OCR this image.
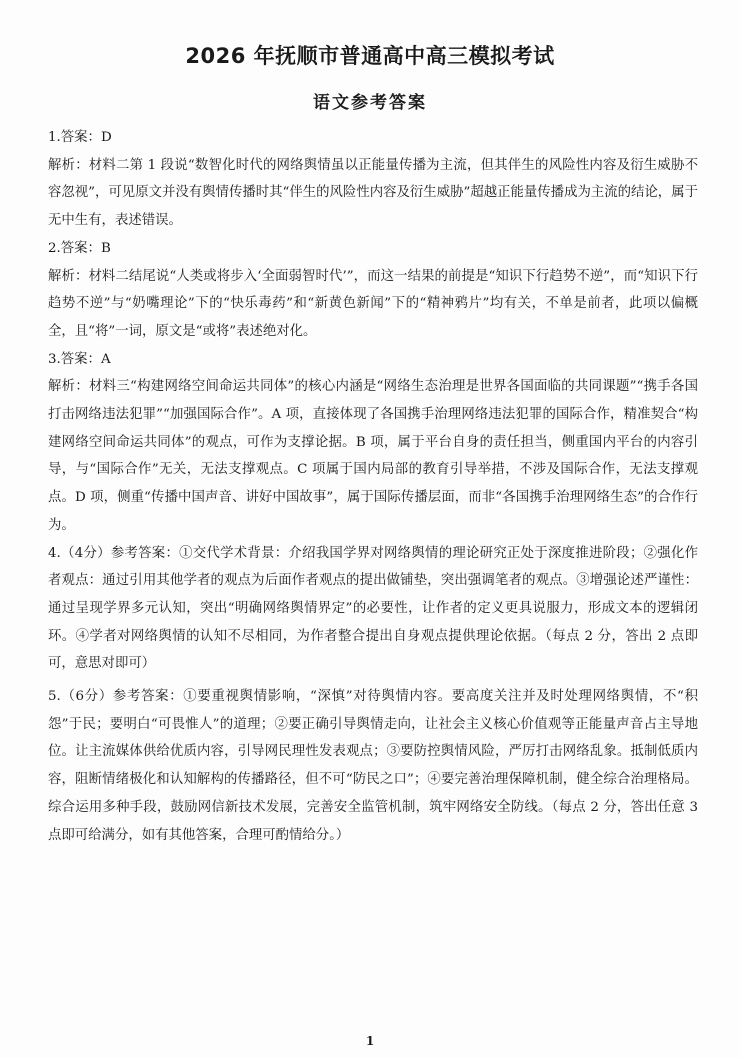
2026 年抚顺市普通高中高三模拟考试
语文参考答案

1.答案：D

解析：材料二第 1 段说“数智化时代的网络舆情虽以正能量传播为主流，但其伴生的风险性内容及衍生威胁不容忽视”，可见原文并没有舆情传播时其“伴生的风险性内容及衍生威胁”超越正能量传播成为主流的结论，属于无中生有，表述错误。

2.答案：B

解析：材料二结尾说“人类或将步入‘全面弱智时代’”，而这一结果的前提是“知识下行趋势不逆”，而“知识下行趋势不逆”与“奶嘴理论”下的“快乐毒药”和“新黄色新闻”下的“精神鸦片”均有关，不单是前者，此项以偏概全，且“将”一词，原文是“或将”表述绝对化。

3.答案：A

解析：材料三“构建网络空间命运共同体”的核心内涵是“网络生态治理是世界各国面临的共同课题”“携手各国打击网络违法犯罪”“加强国际合作”。A 项，直接体现了各国携手治理网络违法犯罪的国际合作，精准契合“构建网络空间命运共同体”的观点，可作为支撑论据。B 项，属于平台自身的责任担当，侧重国内平台的内容引导，与“国际合作”无关，无法支撑观点。C 项属于国内局部的教育引导举措，不涉及国际合作，无法支撑观点。D 项，侧重“传播中国声音、讲好中国故事”，属于国际传播层面，而非“各国携手治理网络生态”的合作行为。

4.（4分）参考答案：①交代学术背景：介绍我国学界对网络舆情的理论研究正处于深度推进阶段；②强化作者观点：通过引用其他学者的观点为后面作者观点的提出做铺垫，突出强调笔者的观点。③增强论述严谨性：通过呈现学界多元认知，突出“明确网络舆情界定”的必要性，让作者的定义更具说服力，形成文本的逻辑闭环。④学者对网络舆情的认知不尽相同，为作者整合提出自身观点提供理论依据。（每点 2 分，答出 2 点即可，意思对即可）

5.（6分）参考答案：①要重视舆情影响，“深慎”对待舆情内容。要高度关注并及时处理网络舆情，不“积怨”于民；要明白“可畏惟人”的道理；②要正确引导舆情走向，让社会主义核心价值观等正能量声音占主导地位。让主流媒体供给优质内容，引导网民理性发表观点；③要防控舆情风险，严厉打击网络乱象。抵制低质内容，阻断情绪极化和认知解构的传播路径，但不可“防民之口”；④要完善治理保障机制，健全综合治理格局。综合运用多种手段，鼓励网信新技术发展，完善安全监管机制，筑牢网络安全防线。（每点 2 分，答出任意 3 点即可给满分，如有其他答案，合理可酌情给分。）

1
